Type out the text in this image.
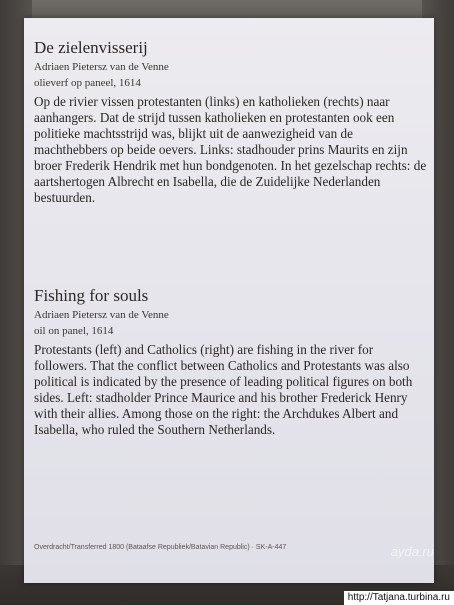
De zielenvisserij

Adriaen Pietersz van de Venne

olieverf op paneel, 1614

Op de rivier vissen protestanten (links) en katholieken (rechts) naar aanhangers. Dat de strijd tussen katholieken en protestanten ook een politieke machtsstrijd was, blijkt uit de aanwezigheid van de machthebbers op beide oevers. Links: stadhouder prins Maurits en zijn broer Frederik Hendrik met hun bondgenoten. In het gezelschap rechts: de aartshertogen Albrecht en Isabella, die de Zuidelijke Nederlanden bestuurden.

Fishing for souls

Adriaen Pietersz van de Venne

oil on panel, 1614

Protestants (left) and Catholics (right) are fishing in the river for followers. That the conflict between Catholics and Protestants was also political is indicated by the presence of leading political figures on both sides. Left: stadholder Prince Maurice and his brother Frederick Henry with their allies. Among those on the right: the Archdukes Albert and Isabella, who ruled the Southern Netherlands.

Overdracht/Transferred 1800 (Bataafse Republiek/Batavian Republic) · SK-A-447	ayda.ru
http://Tatjana.turbina.ru
